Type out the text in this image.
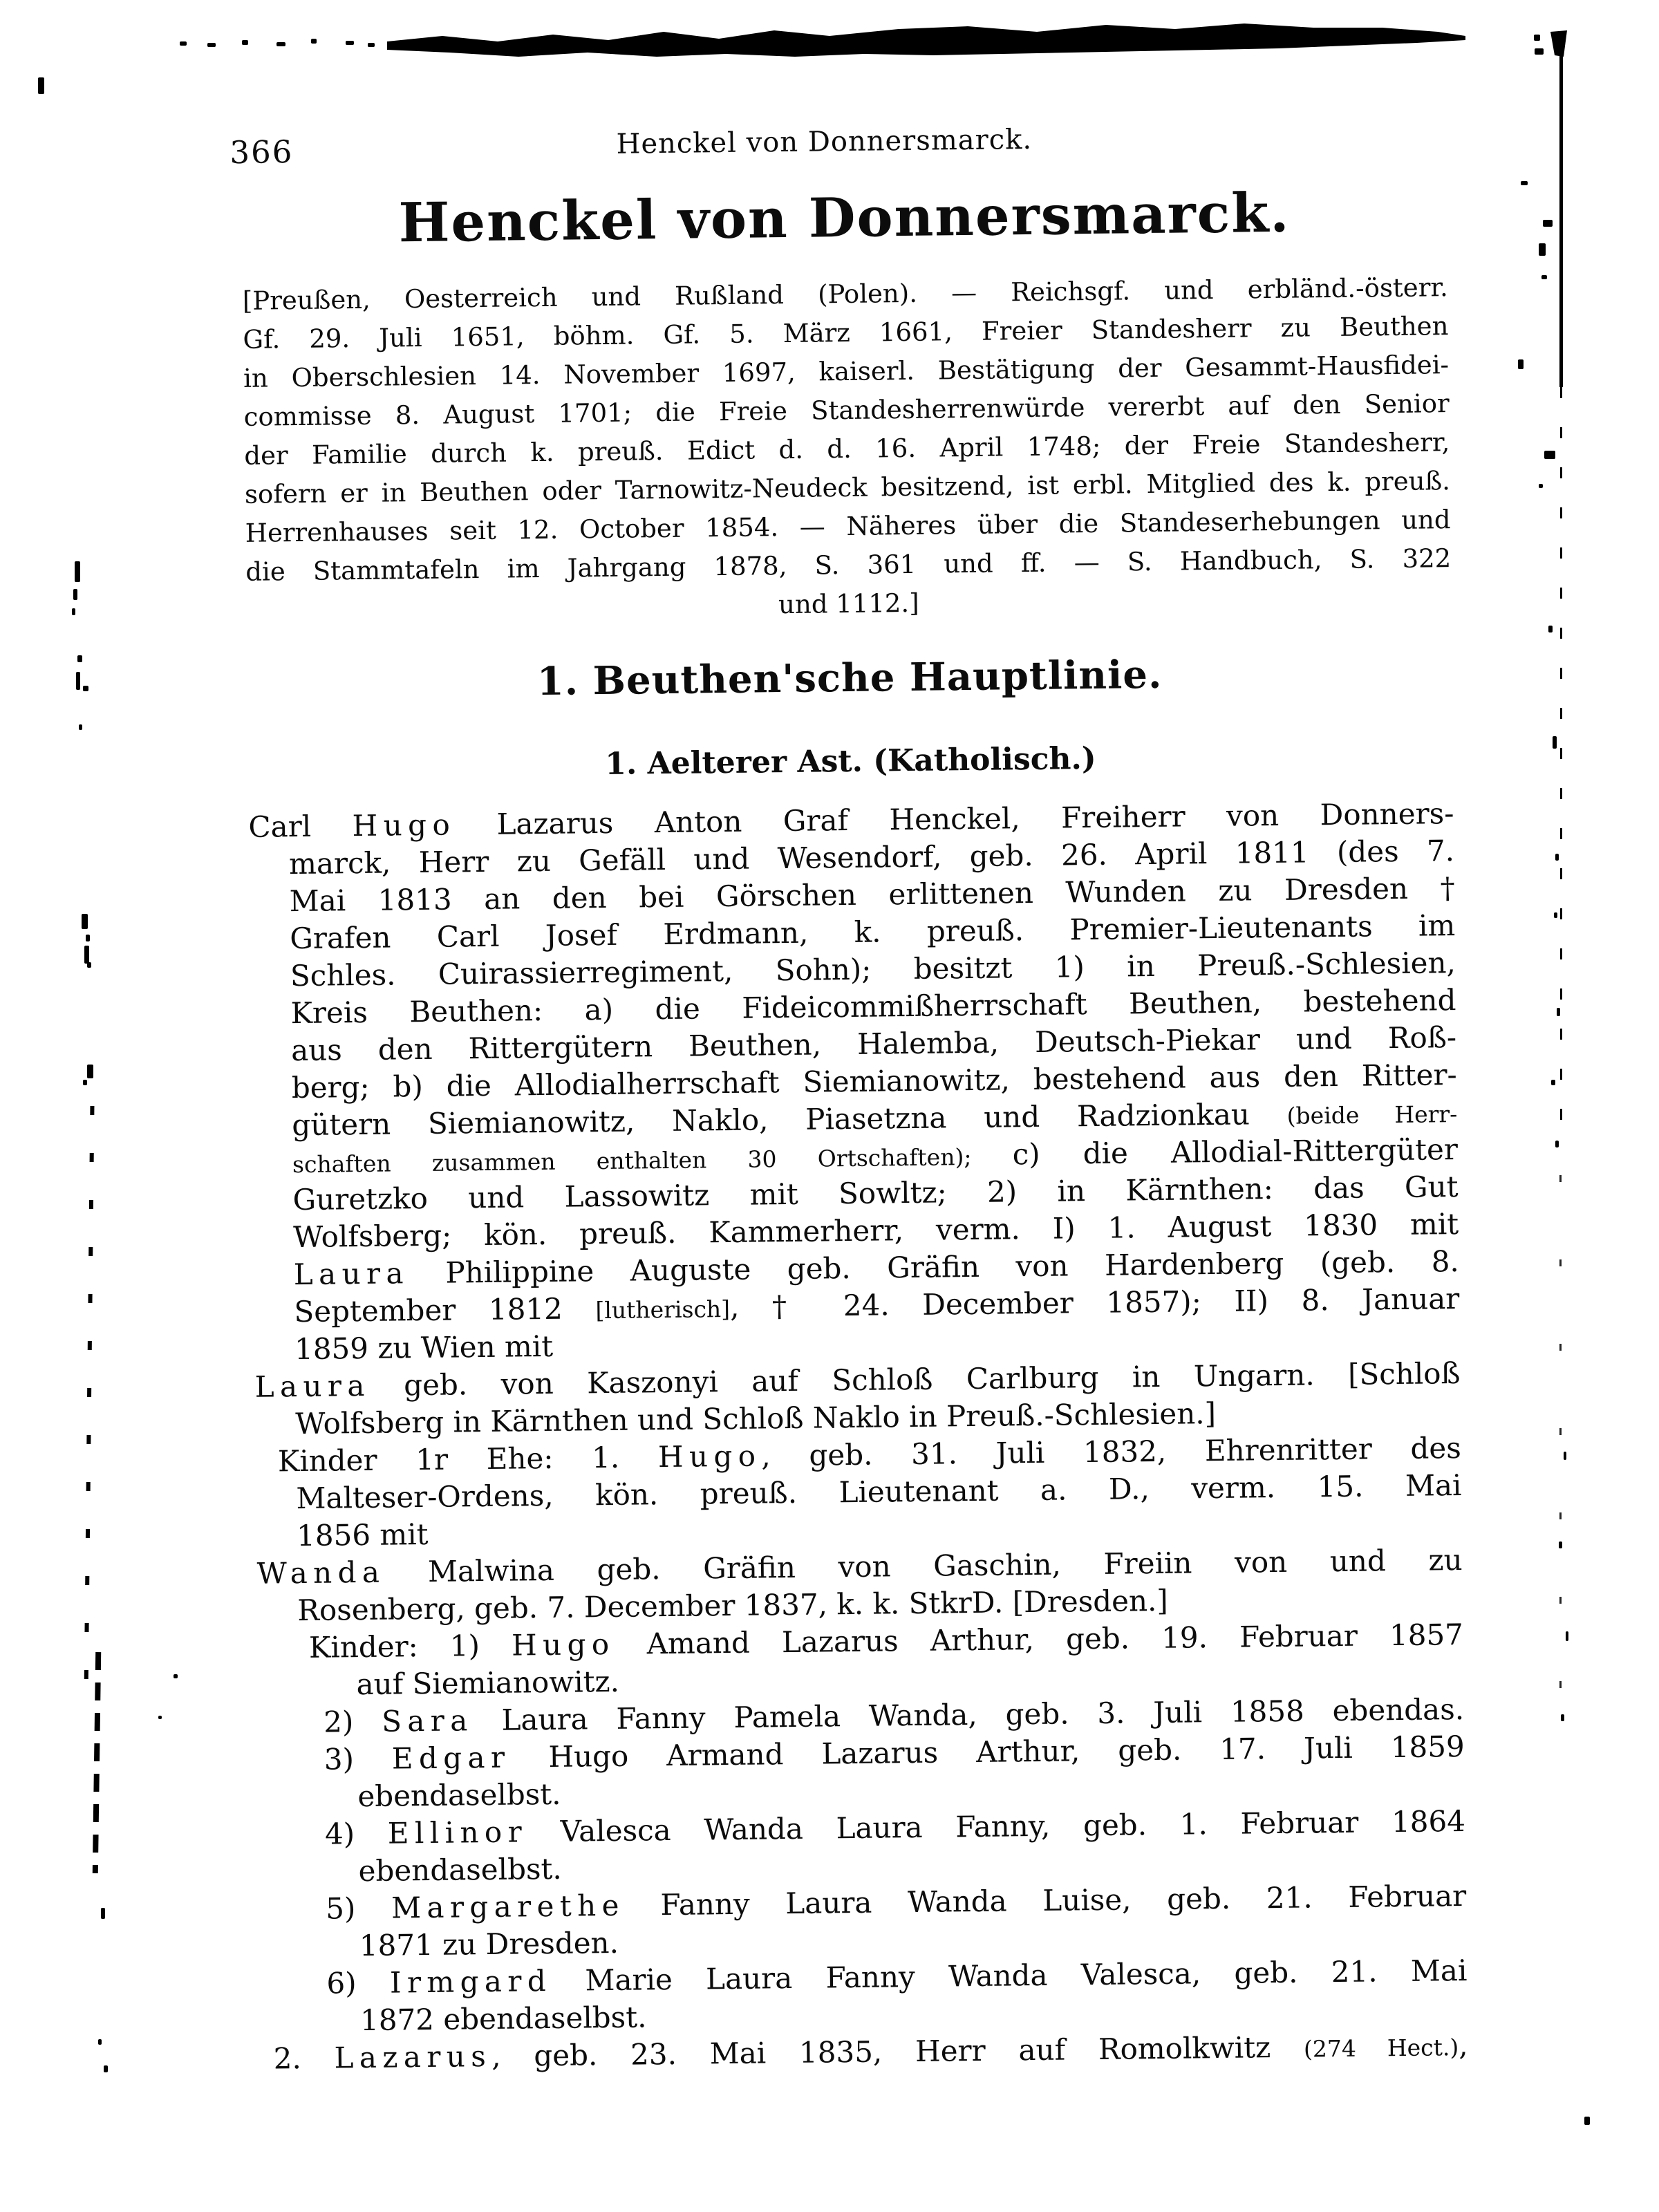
366	Henckel von Donnersmarck.
Henckel von Donnersmarck.
[Preußen, Oesterreich und Rußland (Polen). — Reichsgf. und erbländ.-österr.
Gf. 29. Juli 1651, böhm. Gf. 5. März 1661, Freier Standesherr zu Beuthen
in Oberschlesien 14. November 1697, kaiserl. Bestätigung der Gesammt-Hausfidei-
commisse 8. August 1701; die Freie Standesherrenwürde vererbt auf den Senior
der Familie durch k. preuß. Edict d. d. 16. April 1748; der Freie Standesherr,
sofern er in Beuthen oder Tarnowitz-Neudeck besitzend, ist erbl. Mitglied des k. preuß.
Herrenhauses seit 12. October 1854. — Näheres über die Standeserhebungen und
die Stammtafeln im Jahrgang 1878, S. 361 und ff. — S. Handbuch, S. 322
und 1112.]
1. Beuthen'sche Hauptlinie.
1. Aelterer Ast. (Katholisch.)
Carl Hugo Lazarus Anton Graf Henckel, Freiherr von Donners-
marck, Herr zu Gefäll und Wesendorf, geb. 26. April 1811 (des 7.
Mai 1813 an den bei Görschen erlittenen Wunden zu Dresden †
Grafen Carl Josef Erdmann, k. preuß. Premier-Lieutenants im
Schles. Cuirassierregiment, Sohn); besitzt 1) in Preuß.-Schlesien,
Kreis Beuthen: a) die Fideicommißherrschaft Beuthen, bestehend
aus den Rittergütern Beuthen, Halemba, Deutsch-Piekar und Roß-
berg; b) die Allodialherrschaft Siemianowitz, bestehend aus den Ritter-
gütern Siemianowitz, Naklo, Piasetzna und Radzionkau (beide Herr-
schaften zusammen enthalten 30 Ortschaften); c) die Allodial-Rittergüter
Guretzko und Lassowitz mit Sowltz; 2) in Kärnthen: das Gut
Wolfsberg; kön. preuß. Kammerherr, verm. I) 1. August 1830 mit
Laura Philippine Auguste geb. Gräfin von Hardenberg (geb. 8.
September 1812 [lutherisch], † 24. December 1857); II) 8. Januar
1859 zu Wien mit
Laura geb. von Kaszonyi auf Schloß Carlburg in Ungarn. [Schloß
Wolfsberg in Kärnthen und Schloß Naklo in Preuß.-Schlesien.]
Kinder 1r Ehe: 1. Hugo, geb. 31. Juli 1832, Ehrenritter des
Malteser-Ordens, kön. preuß. Lieutenant a. D., verm. 15. Mai
1856 mit
Wanda Malwina geb. Gräfin von Gaschin, Freiin von und zu
Rosenberg, geb. 7. December 1837, k. k. StkrD. [Dresden.]
Kinder: 1) Hugo Amand Lazarus Arthur, geb. 19. Februar 1857
auf Siemianowitz.
2) Sara Laura Fanny Pamela Wanda, geb. 3. Juli 1858 ebendas.
3) Edgar Hugo Armand Lazarus Arthur, geb. 17. Juli 1859
ebendaselbst.
4) Ellinor Valesca Wanda Laura Fanny, geb. 1. Februar 1864
ebendaselbst.
5) Margarethe Fanny Laura Wanda Luise, geb. 21. Februar
1871 zu Dresden.
6) Irmgard Marie Laura Fanny Wanda Valesca, geb. 21. Mai
1872 ebendaselbst.
2. Lazarus, geb. 23. Mai 1835, Herr auf Romolkwitz (274 Hect.),
